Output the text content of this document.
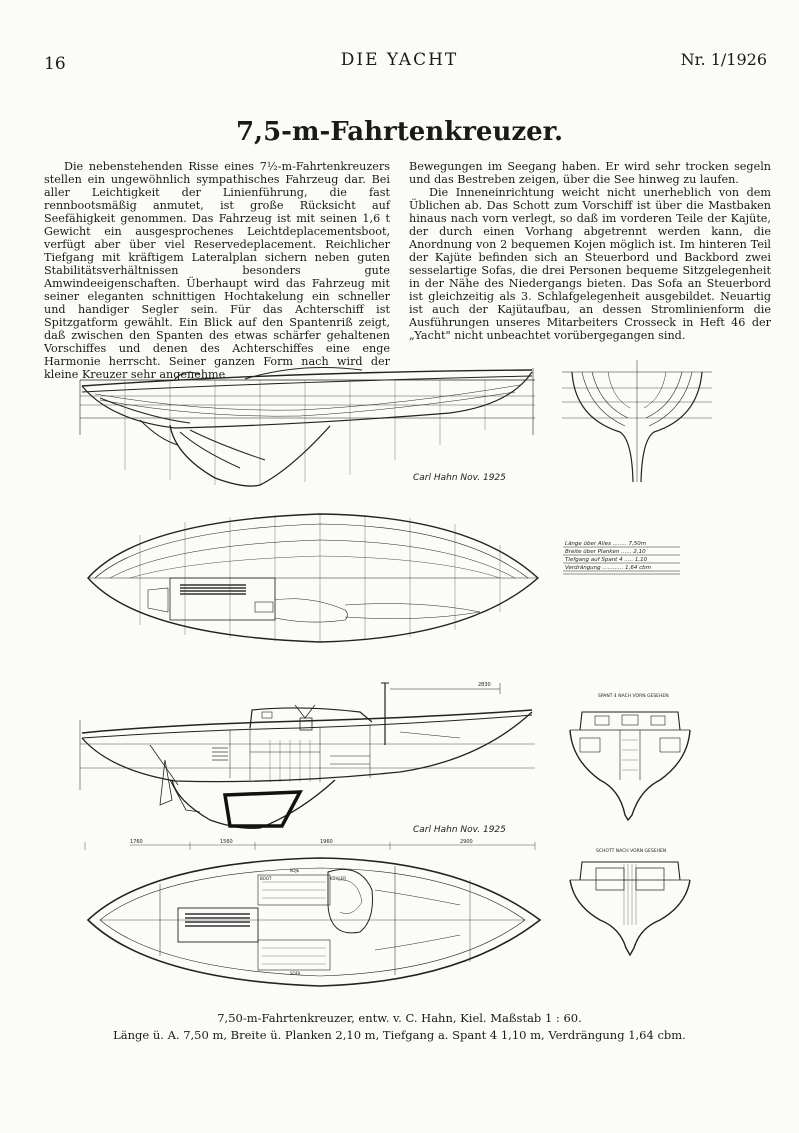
16	DIE YACHT	Nr. 1/1926
7,5-m-Fahrtenkreuzer.

Die nebenstehenden Risse eines 7½-m-Fahrtenkreuzers stellen ein ungewöhnlich sympathisches Fahrzeug dar. Bei aller Leichtigkeit der Linienführung, die fast rennbootsmäßig anmutet, ist große Rücksicht auf Seefähigkeit genommen. Das Fahrzeug ist mit seinen 1,6 t Gewicht ein ausgesprochenes Leichtdeplacementsboot, verfügt aber über viel Reservedeplacement. Reichlicher Tiefgang mit kräftigem Lateralplan sichern neben guten Stabilitätsverhältnissen besonders gute Amwindeeigenschaften. Überhaupt wird das Fahrzeug mit seiner eleganten schnittigen Hochtakelung ein schneller und handiger Segler sein. Für das Achterschiff ist Spitzgatform gewählt. Ein Blick auf den Spantenriß zeigt, daß zwischen den Spanten des etwas schärfer gehaltenen Vorschiffes und denen des Achterschiffes eine enge Harmonie herrscht. Seiner ganzen Form nach wird der kleine Kreuzer sehr angenehme

Bewegungen im Seegang haben. Er wird sehr trocken segeln und das Bestreben zeigen, über die See hinweg zu laufen.

Die Inneneinrichtung weicht nicht unerheblich von dem Üblichen ab. Das Schott zum Vorschiff ist über die Mastbaken hinaus nach vorn verlegt, so daß im vorderen Teile der Kajüte, der durch einen Vorhang abgetrennt werden kann, die Anordnung von 2 bequemen Kojen möglich ist. Im hinteren Teil der Kajüte befinden sich an Steuerbord und Backbord zwei sesselartige Sofas, die drei Personen bequeme Sitzgelegenheit in der Nähe des Niedergangs bieten. Das Sofa an Steuerbord ist gleichzeitig als 3. Schlafgelegenheit ausgebildet. Neuartig ist auch der Kajütaufbau, an dessen Stromlinienform die Ausführungen unseres Mitarbeiters Crosseck in Heft 46 der „Yacht" nicht unbeachtet vorübergegangen sind.

Carl Hahn Nov. 1925
Carl Hahn Nov. 1925
Länge über Alles ........ 7,50m
Breite über Planken ...... 2,10
Tiefgang auf Spant 4 ..... 1,10
Verdrängung ............ 1,64 cbm
SPANT 4 NACH VORN GESEHEN
SCHOTT NACH VORN GESEHEN
2830
1760	1560	1960	2900
KÜHLER
KOJE
SOFA
BOOT
7,50-m-Fahrtenkreuzer, entw. v. C. Hahn, Kiel. Maßstab 1 : 60.
Länge ü. A. 7,50 m, Breite ü. Planken 2,10 m, Tiefgang a. Spant 4 1,10 m, Verdrängung 1,64 cbm.
